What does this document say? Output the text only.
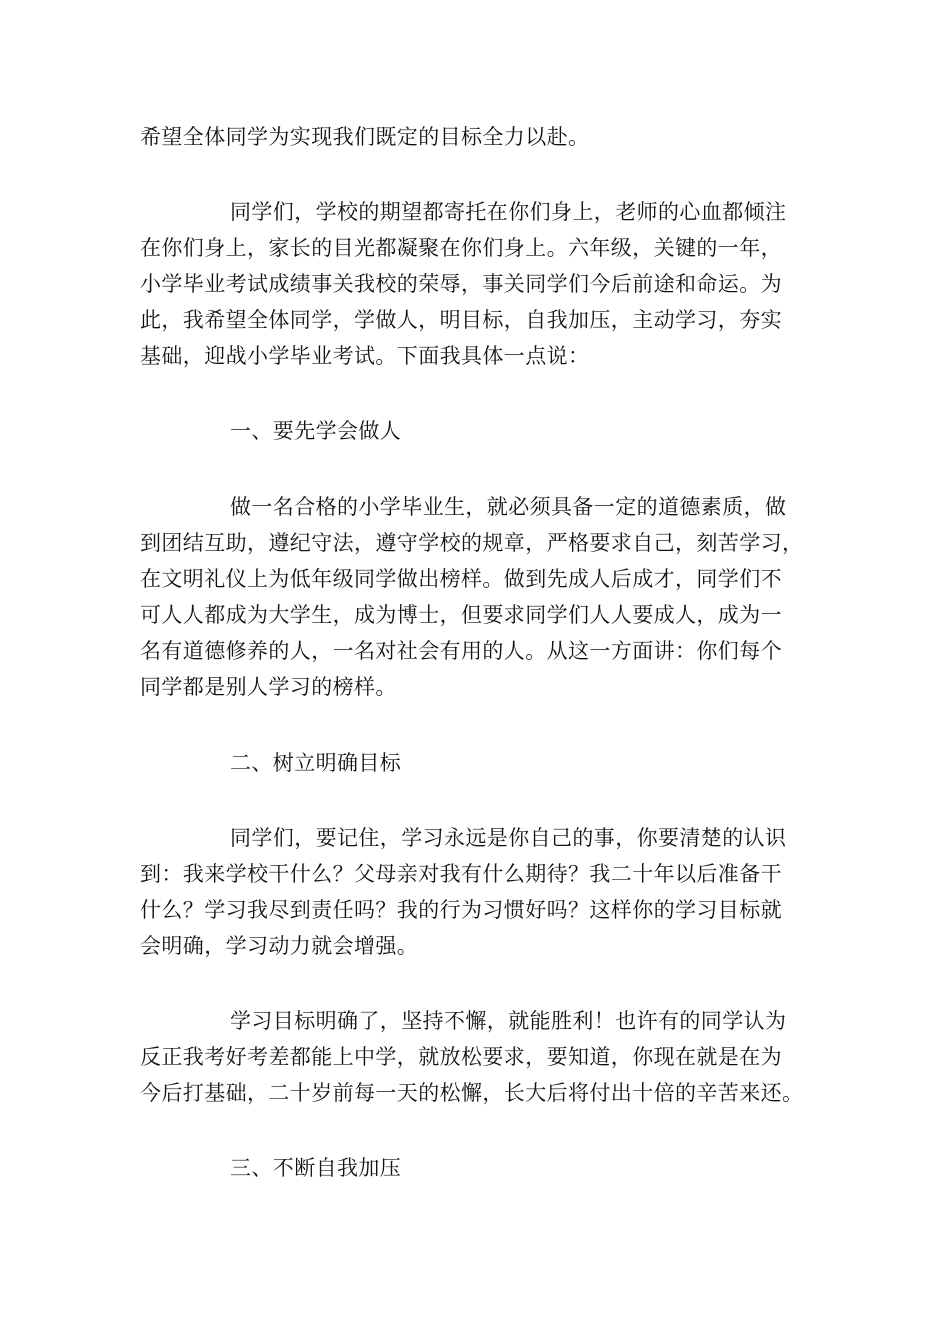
希望全体同学为实现我们既定的目标全力以赴。
同学们，学校的期望都寄托在你们身上，老师的心血都倾注
在你们身上，家长的目光都凝聚在你们身上。六年级，关键的一年，
小学毕业考试成绩事关我校的荣辱，事关同学们今后前途和命运。为
此，我希望全体同学，学做人，明目标，自我加压，主动学习，夯实
基础，迎战小学毕业考试。下面我具体一点说：
一、要先学会做人
做一名合格的小学毕业生，就必须具备一定的道德素质，做
到团结互助，遵纪守法，遵守学校的规章，严格要求自己，刻苦学习，
在文明礼仪上为低年级同学做出榜样。做到先成人后成才，同学们不
可人人都成为大学生，成为博士，但要求同学们人人要成人，成为一
名有道德修养的人，一名对社会有用的人。从这一方面讲：你们每个
同学都是别人学习的榜样。
二、树立明确目标
同学们，要记住，学习永远是你自己的事，你要清楚的认识
到：我来学校干什么？父母亲对我有什么期待？我二十年以后准备干
什么？学习我尽到责任吗？我的行为习惯好吗？这样你的学习目标就
会明确，学习动力就会增强。
学习目标明确了，坚持不懈，就能胜利！也许有的同学认为
反正我考好考差都能上中学，就放松要求，要知道，你现在就是在为
今后打基础，二十岁前每一天的松懈，长大后将付出十倍的辛苦来还。
三、不断自我加压
